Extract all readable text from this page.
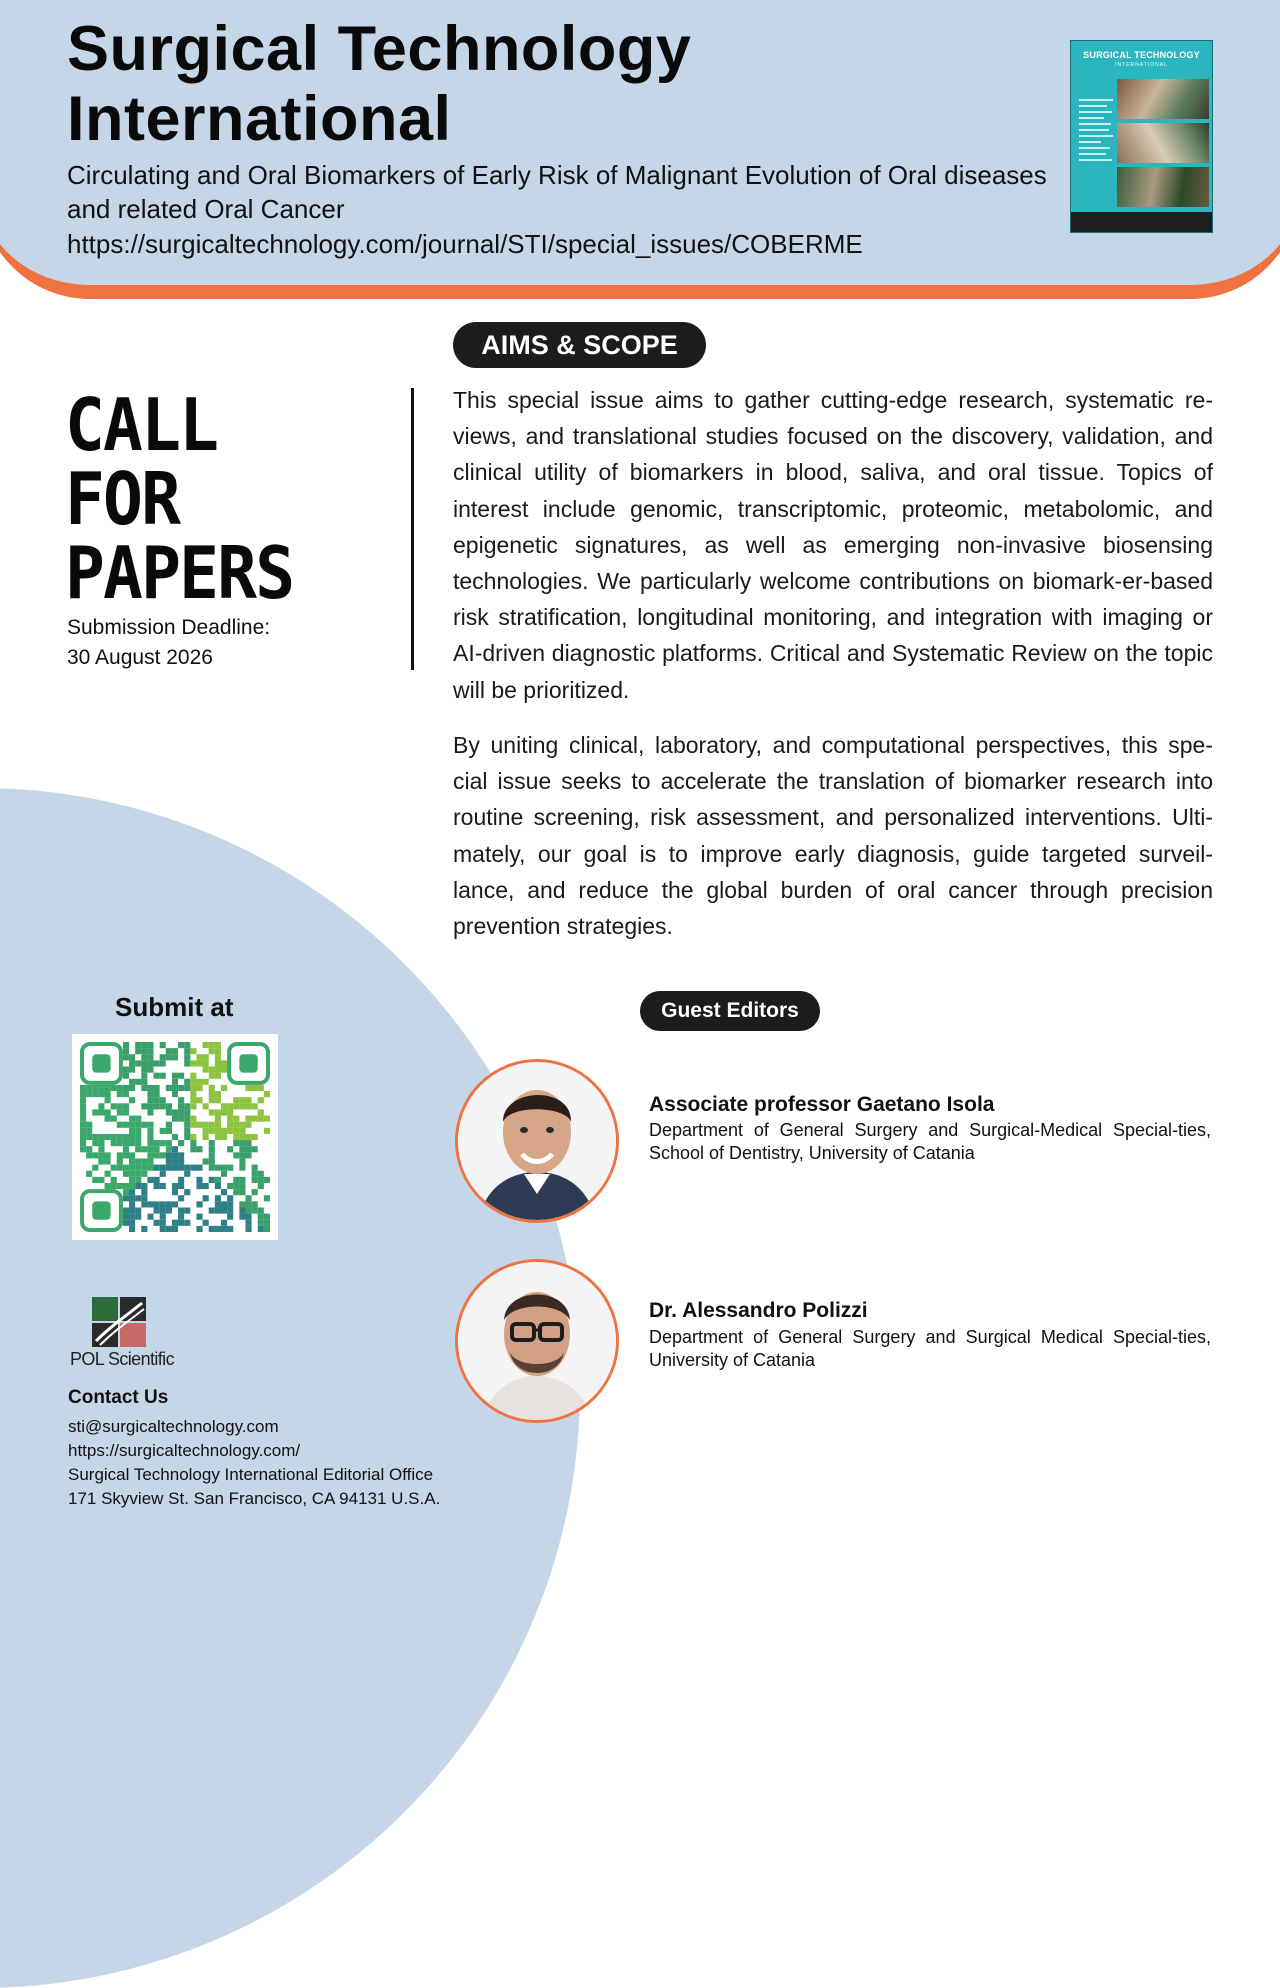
Surgical Technology International

Circulating and Oral Biomarkers of Early Risk of Malignant Evolution of Oral diseases and related Oral Cancer

https://surgicaltechnology.com/journal/STI/special_issues/COBERME

SURGICAL TECHNOLOGY
INTERNATIONAL
CALL
FOR
PAPERS
Submission Deadline:
30 August 2026
AIMS & SCOPE

This special issue aims to gather cutting-edge research, systematic re-views, and translational studies focused on the discovery, validation, and clinical utility of biomarkers in blood, saliva, and oral tissue. Topics of interest include genomic, transcriptomic, proteomic, metabolomic, and epigenetic signatures, as well as emerging non-invasive biosensing technologies. We particularly welcome contributions on biomark-er-based risk stratification, longitudinal monitoring, and integration with imaging or AI-driven diagnostic platforms. Critical and Systematic Review on the topic will be prioritized.

By uniting clinical, laboratory, and computational perspectives, this spe-cial issue seeks to accelerate the translation of biomarker research into routine screening, risk assessment, and personalized interventions. Ulti-mately, our goal is to improve early diagnosis, guide targeted surveil-lance, and reduce the global burden of oral cancer through precision prevention strategies.

Submit at
POL Scientific
Contact Us
sti@surgicaltechnology.com
https://surgicaltechnology.com/
Surgical Technology International Editorial Office
171 Skyview St. San Francisco, CA 94131 U.S.A.
Guest Editors

Associate professor Gaetano Isola

Department of General Surgery and Surgical-Medical Special-ties, School of Dentistry, University of Catania

Dr. Alessandro Polizzi

Department of General Surgery and Surgical Medical Special-ties, University of Catania
